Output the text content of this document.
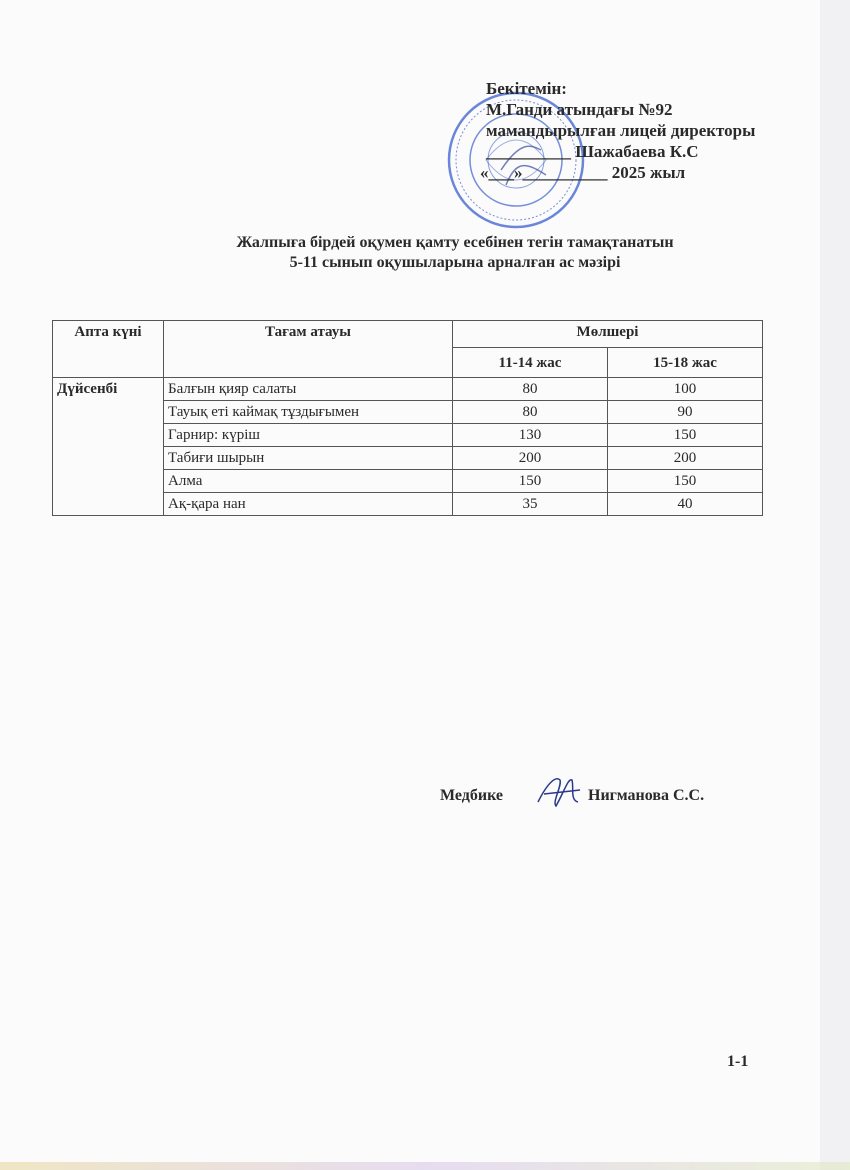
Бекітемін:
М.Ганди атындағы №92
мамандырылған лицей директоры
__________ Шажабаева К.С
«___»__________ 2025 жыл
Жалпыға бірдей оқумен қамту есебінен тегін тамақтанатын
5-11 сынып оқушыларына арналған ас мәзірі
Апта күні	Тағам атауы	Мөлшері	
		11-14 жас	15-18 жас
Дүйсенбі	Балғын қияр салаты	80	100
	Тауық еті каймақ тұздығымен	80	90
	Гарнир: күріш	130	150
	Табиғи шырын	200	200
	Алма	150	150
	Ақ-қара нан	35	40
Медбике	Нигманова С.С.
1-1
